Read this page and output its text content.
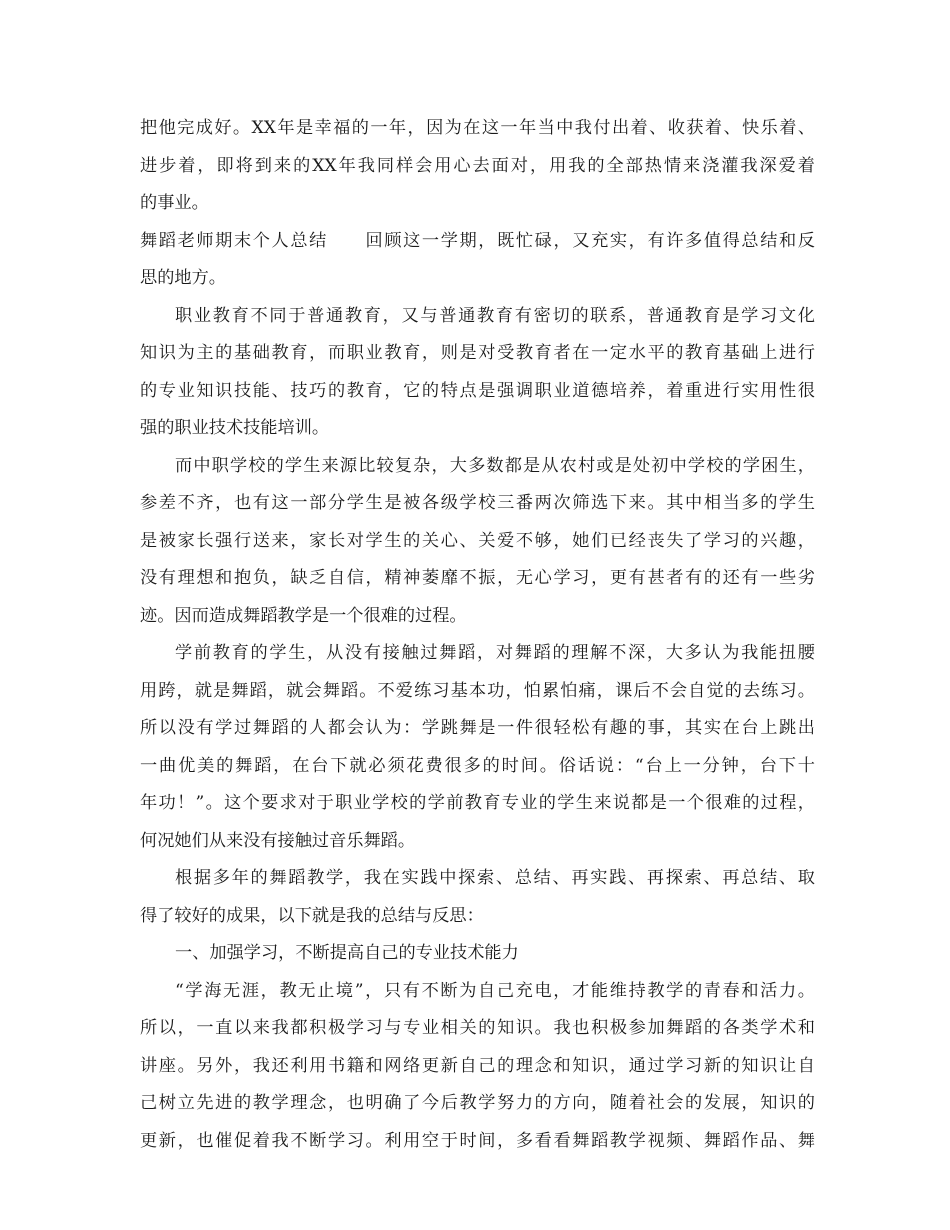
把他完成好。XX年是幸福的一年，因为在这一年当中我付出着、收获着、快乐着、
进步着，即将到来的XX年我同样会用心去面对，用我的全部热情来浇灌我深爱着
的事业。
舞蹈老师期末个人总结　　回顾这一学期，既忙碌，又充实，有许多值得总结和反
思的地方。
职业教育不同于普通教育，又与普通教育有密切的联系，普通教育是学习文化
知识为主的基础教育，而职业教育，则是对受教育者在一定水平的教育基础上进行
的专业知识技能、技巧的教育，它的特点是强调职业道德培养，着重进行实用性很
强的职业技术技能培训。
而中职学校的学生来源比较复杂，大多数都是从农村或是处初中学校的学困生，
参差不齐，也有这一部分学生是被各级学校三番两次筛选下来。其中相当多的学生
是被家长强行送来，家长对学生的关心、关爱不够，她们已经丧失了学习的兴趣，
没有理想和抱负，缺乏自信，精神萎靡不振，无心学习，更有甚者有的还有一些劣
迹。因而造成舞蹈教学是一个很难的过程。
学前教育的学生，从没有接触过舞蹈，对舞蹈的理解不深，大多认为我能扭腰
用跨，就是舞蹈，就会舞蹈。不爱练习基本功，怕累怕痛，课后不会自觉的去练习。
所以没有学过舞蹈的人都会认为：学跳舞是一件很轻松有趣的事，其实在台上跳出
一曲优美的舞蹈，在台下就必须花费很多的时间。俗话说：“台上一分钟，台下十
年功！”。这个要求对于职业学校的学前教育专业的学生来说都是一个很难的过程，
何况她们从来没有接触过音乐舞蹈。
根据多年的舞蹈教学，我在实践中探索、总结、再实践、再探索、再总结、取
得了较好的成果，以下就是我的总结与反思：
一、加强学习，不断提高自己的专业技术能力
“学海无涯，教无止境”，只有不断为自己充电，才能维持教学的青春和活力。
所以，一直以来我都积极学习与专业相关的知识。我也积极参加舞蹈的各类学术和
讲座。另外，我还利用书籍和网络更新自己的理念和知识，通过学习新的知识让自
己树立先进的教学理念，也明确了今后教学努力的方向，随着社会的发展，知识的
更新，也催促着我不断学习。利用空于时间，多看看舞蹈教学视频、舞蹈作品、舞
